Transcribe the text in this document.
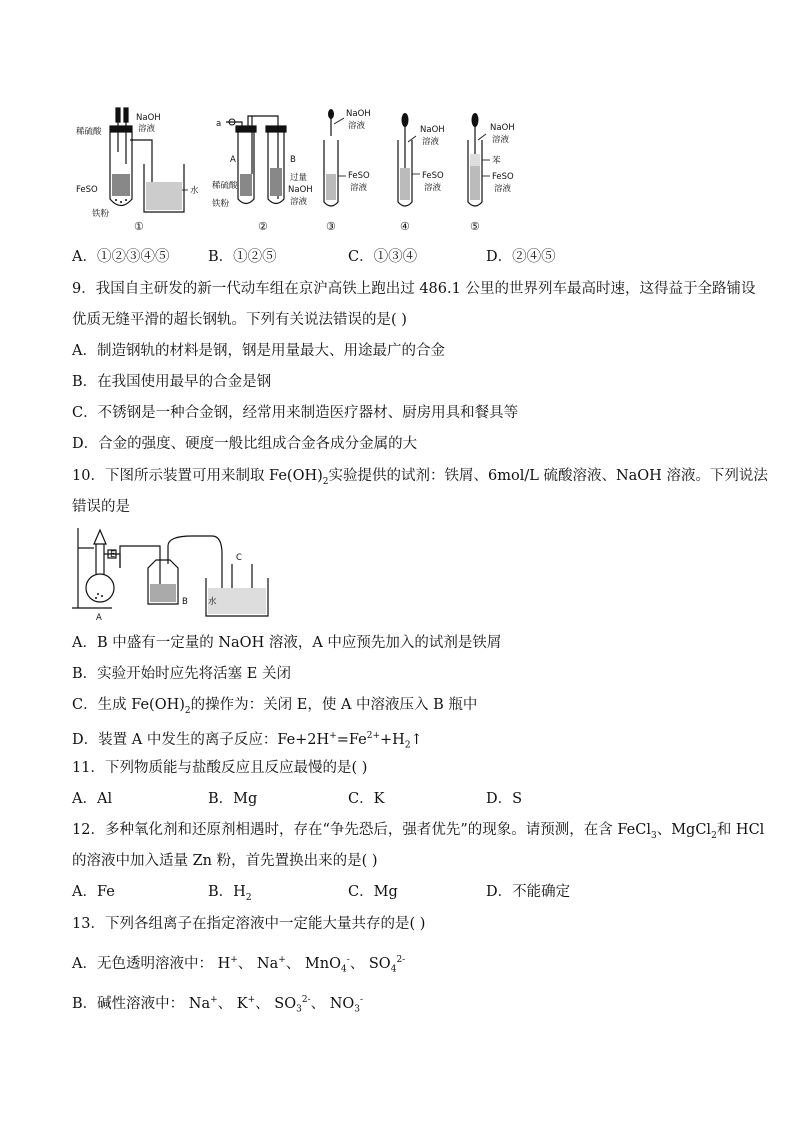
稀硫酸
NaOH
溶液
FeSO	水
铁粉
①
a
A	B
稀硫酸
铁粉
过量
NaOH
溶液
②
NaOH
溶液
FeSO
溶液
③
NaOH
溶液
FeSO
溶液
④
NaOH
溶液
苯
FeSO
溶液
⑤
A．①②③④⑤	B．①②⑤	C．①③④	D．②④⑤
9．我国自主研发的新一代动车组在京沪高铁上跑出过 486.1 公里的世界列车最高时速，这得益于全路铺设
优质无缝平滑的超长钢轨。下列有关说法错误的是( )
A．制造钢轨的材料是钢，钢是用量最大、用途最广的合金
B．在我国使用最早的合金是钢
C．不锈钢是一种合金钢，经常用来制造医疗器材、厨房用具和餐具等
D．合金的强度、硬度一般比组成合金各成分金属的大
10．下图所示装置可用来制取 $Fe(OH)_2$实验提供的试剂：铁屑、6mol/L 硫酸溶液、NaOH 溶液。下列说法
错误的是
C
E
A
B 水
A．B 中盛有一定量的 NaOH 溶液，A 中应预先加入的试剂是铁屑
B．实验开始时应先将活塞 E 关闭
C．生成 $Fe(OH)_2$的操作为：关闭 E，使 A 中溶液压入 B 瓶中
D．装置 A 中发生的离子反应：$Fe+2H^+=Fe^{2+}+H_2↑$
11．下列物质能与盐酸反应且反应最慢的是( )
A．Al	B．Mg	C．K	D．S
12．多种氧化剂和还原剂相遇时，存在“争先恐后，强者优先”的现象。请预测，在含 FeCl$_3$、MgCl$_2$和 HCl
的溶液中加入适量 Zn 粉，首先置换出来的是( )
A．Fe	B．$H_2$	C．Mg	D．不能确定
13．下列各组离子在指定溶液中一定能大量共存的是( )
A．无色透明溶液中： H+、 Na+、 MnO$_4$-、 $SO_4^{2-}$
B．碱性溶液中： Na+、 K+、 $SO_3^{2-}$、 $NO_3^-$
